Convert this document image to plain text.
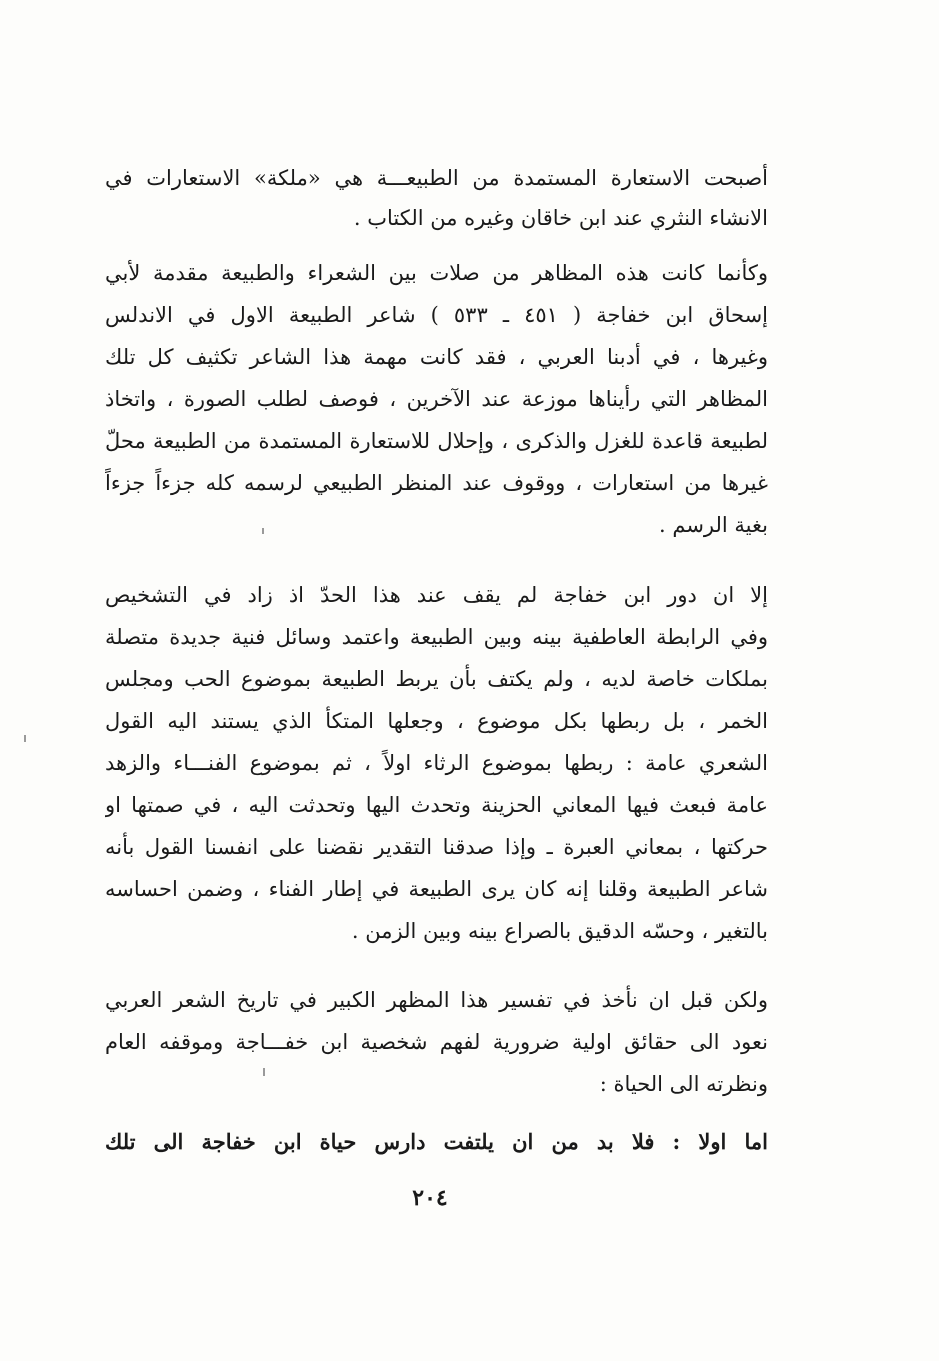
أصبحت الاستعارة المستمدة من الطبيعـــة هي «ملكة» الاستعارات في
الانشاء النثري عند ابن خاقان وغيره من الكتاب .
وكأنما كانت هذه المظاهر من صلات بين الشعراء والطبيعة مقدمة لأبي
إسحاق ابن خفاجة ( ٤٥١ ـ ٥٣٣ ) شاعر الطبيعة الاول في الاندلس
وغيرها ، في أدبنا العربي ، فقد كانت مهمة هذا الشاعر تكثيف كل تلك
المظاهر التي رأيناها موزعة عند الآخرين ، فوصف لطلب الصورة ، واتخاذ
لطبيعة قاعدة للغزل والذكرى ، وإحلال للاستعارة المستمدة من الطبيعة محلّ
غيرها من استعارات ، ووقوف عند المنظر الطبيعي لرسمه كله جزءاً جزءاً
بغية الرسم .
إلا ان دور ابن خفاجة لم يقف عند هذا الحدّ اذ زاد في التشخيص
وفي الرابطة العاطفية بينه وبين الطبيعة واعتمد وسائل فنية جديدة متصلة
بملكات خاصة لديه ، ولم يكتف بأن يربط الطبيعة بموضوع الحب ومجلس
الخمر ، بل ربطها بكل موضوع ، وجعلها المتكأ الذي يستند اليه القول
الشعري عامة : ربطها بموضوع الرثاء اولاً ، ثم بموضوع الفنـــاء والزهد
عامة فبعث فيها المعاني الحزينة وتحدث اليها وتحدثت اليه ، في صمتها او
حركتها ، بمعاني العبرة ـ وإذا صدقنا التقدير نقضنا على انفسنا القول بأنه
شاعر الطبيعة وقلنا إنه كان يرى الطبيعة في إطار الفناء ، وضمن احساسه
بالتغير ، وحسّه الدقيق بالصراع بينه وبين الزمن .
ولكن قبل ان نأخذ في تفسير هذا المظهر الكبير في تاريخ الشعر العربي
نعود الى حقائق اولية ضرورية لفهم شخصية ابن خفـــاجة وموقفه العام
ونظرته الى الحياة :
اما اولا : فلا بد من ان يلتفت دارس حياة ابن خفاجة الى تلك
٢٠٤
